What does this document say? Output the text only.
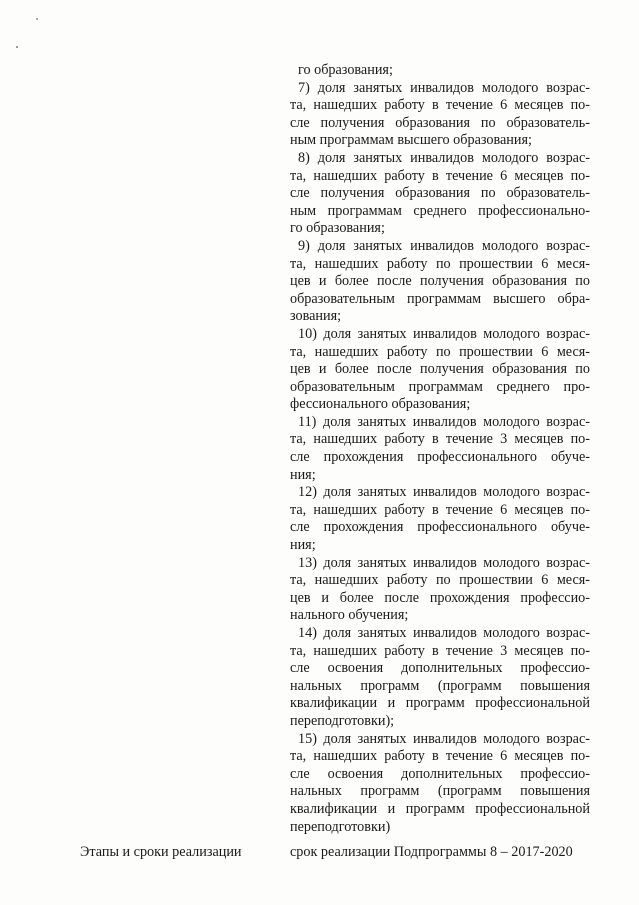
го образования;
7) доля занятых инвалидов молодого возрас-
та, нашедших работу в течение 6 месяцев по-
сле получения образования по образователь-
ным программам высшего образования;
8) доля занятых инвалидов молодого возрас-
та, нашедших работу в течение 6 месяцев по-
сле получения образования по образователь-
ным программам среднего профессионально-
го образования;
9) доля занятых инвалидов молодого возрас-
та, нашедших работу по прошествии 6 меся-
цев и более после получения образования по
образовательным программам высшего обра-
зования;
10) доля занятых инвалидов молодого возрас-
та, нашедших работу по прошествии 6 меся-
цев и более после получения образования по
образовательным программам среднего про-
фессионального образования;
11) доля занятых инвалидов молодого возрас-
та, нашедших работу в течение 3 месяцев по-
сле прохождения профессионального обуче-
ния;
12) доля занятых инвалидов молодого возрас-
та, нашедших работу в течение 6 месяцев по-
сле прохождения профессионального обуче-
ния;
13) доля занятых инвалидов молодого возрас-
та, нашедших работу по прошествии 6 меся-
цев и более после прохождения профессио-
нального обучения;
14) доля занятых инвалидов молодого возрас-
та, нашедших работу в течение 3 месяцев по-
сле освоения дополнительных профессио-
нальных программ (программ повышения
квалификации и программ профессиональной
переподготовки);
15) доля занятых инвалидов молодого возрас-
та, нашедших работу в течение 6 месяцев по-
сле освоения дополнительных профессио-
нальных программ (программ повышения
квалификации и программ профессиональной
переподготовки)
Этапы и сроки реализации	срок реализации Подпрограммы 8 – 2017-2020
